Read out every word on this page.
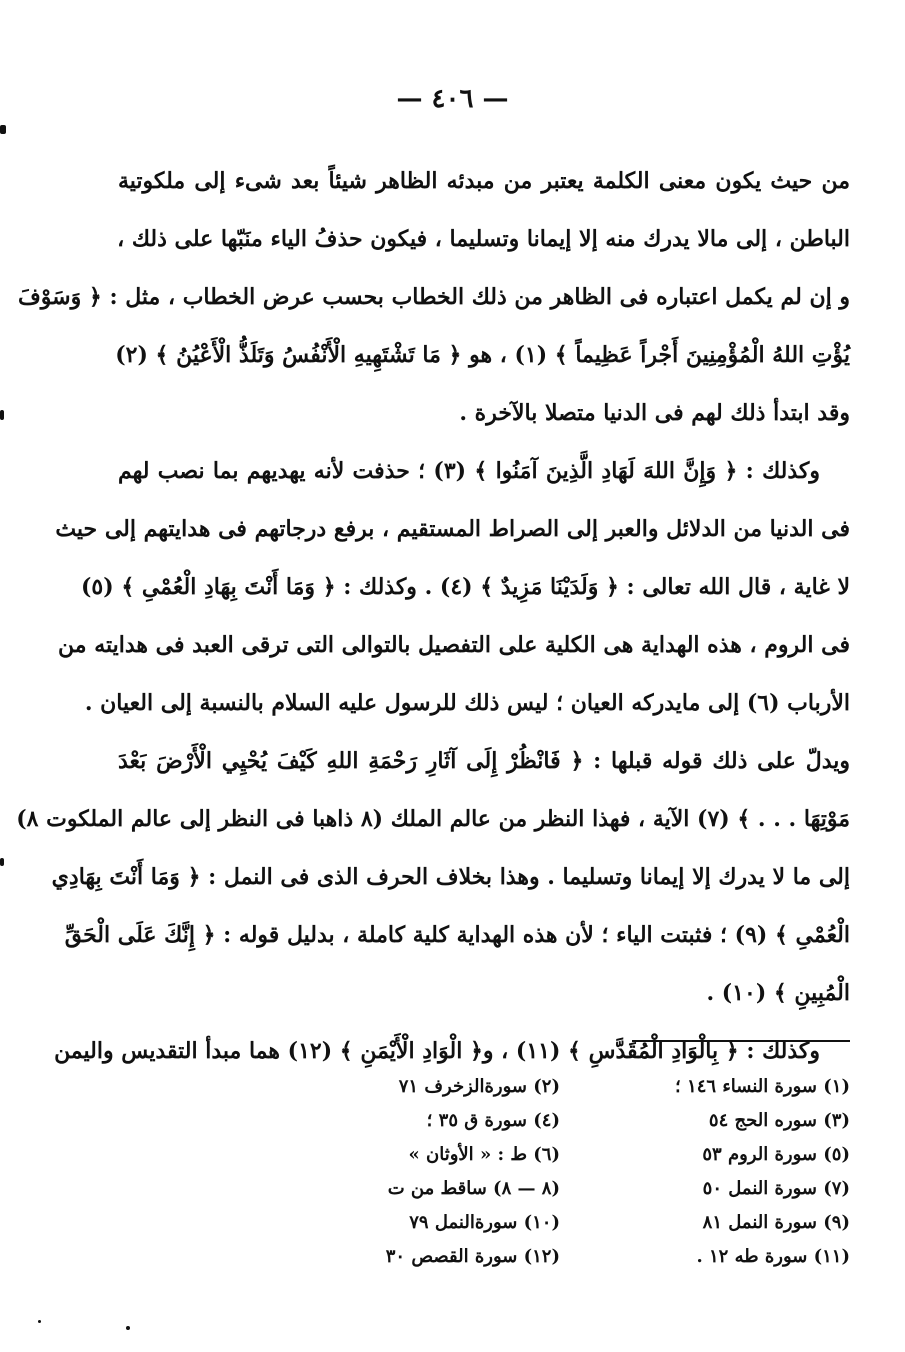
— ٤٠٦ —
من حيث يكون معنى الكلمة يعتبر من مبدئه الظاهر شيئاً بعد شىء إلى ملكوتية
الباطن ، إلى مالا يدرك منه إلا إيمانا وتسليما ، فيكون حذفُ الياء منَبّها على ذلك ،
و إن لم يكمل اعتباره فى الظاهر من ذلك الخطاب بحسب عرض الخطاب ، مثل : ﴿ وَسَوْفَ
يُؤْتِ اللهُ الْمُؤْمِنِينَ أَجْراً عَظِيماً ﴾ (١) ، هو ﴿ مَا تَشْتَهِيهِ الْأَنْفُسُ وَتَلَذُّ الْأَعْيُنُ ﴾ (٢)
وقد ابتدأ ذلك لهم فى الدنيا متصلا بالآخرة .
وكذلك : ﴿ وَإِنَّ اللهَ لَهَادِ الَّذِينَ آمَنُوا ﴾ (٣) ؛ حذفت لأنه يهديهم بما نصب لهم
فى الدنيا من الدلائل والعبر إلى الصراط المستقيم ، برفع درجاتهم فى هدايتهم إلى حيث
لا غاية ، قال الله تعالى : ﴿ وَلَدَيْنَا مَزِيدٌ ﴾ (٤) . وكذلك : ﴿ وَمَا أَنْتَ بِهَادِ الْعُمْىِ ﴾ (٥)
فى الروم ، هذه الهداية هى الكلية على التفصيل بالتوالى التى ترقى العبد فى هدايته من
الأرباب (٦) إلى مايدركه العيان ؛ ليس ذلك للرسول عليه السلام بالنسبة إلى العيان .
ويدلّ على ذلك قوله قبلها : ﴿ فَانْظُرْ إِلَى آثَارِ رَحْمَةِ اللهِ كَيْفَ يُحْيِي الْأَرْضَ بَعْدَ
مَوْتِهَا . . . ﴾ (٧) الآية ، فهذا النظر من عالم الملك (٨ ذاهبا فى النظر إلى عالم الملكوت ٨)
إلى ما لا يدرك إلا إيمانا وتسليما . وهذا بخلاف الحرف الذى فى النمل : ﴿ وَمَا أَنْتَ بِهَادِي
الْعُمْىِ ﴾ (٩) ؛ فثبتت الياء ؛ لأن هذه الهداية كلية كاملة ، بدليل قوله : ﴿ إِنَّكَ عَلَى الْحَقِّ
الْمُبِينِ ﴾ (١٠) .
وكذلك : ﴿ بِالْوَادِ الْمُقَدَّسِ ﴾ (١١) ، و﴿ الْوَادِ الْأَيْمَنِ ﴾ (١٢) هما مبدأ التقديس واليمن
(١) سورة النساء ١٤٦ ؛
(٢) سورةالزخرف ٧١
(٣) سوره الحج ٥٤
(٤) سورة ق ٣٥ ؛
(٥) سورة الروم ٥٣
(٦) ط : « الأوثان »
(٧) سورة النمل ٥٠
(٨ — ٨) ساقط من ت
(٩) سورة النمل ٨١
(١٠) سورةالنمل ٧٩
(١١) سورة طه ١٢ .
(١٢) سورة القصص ٣٠
